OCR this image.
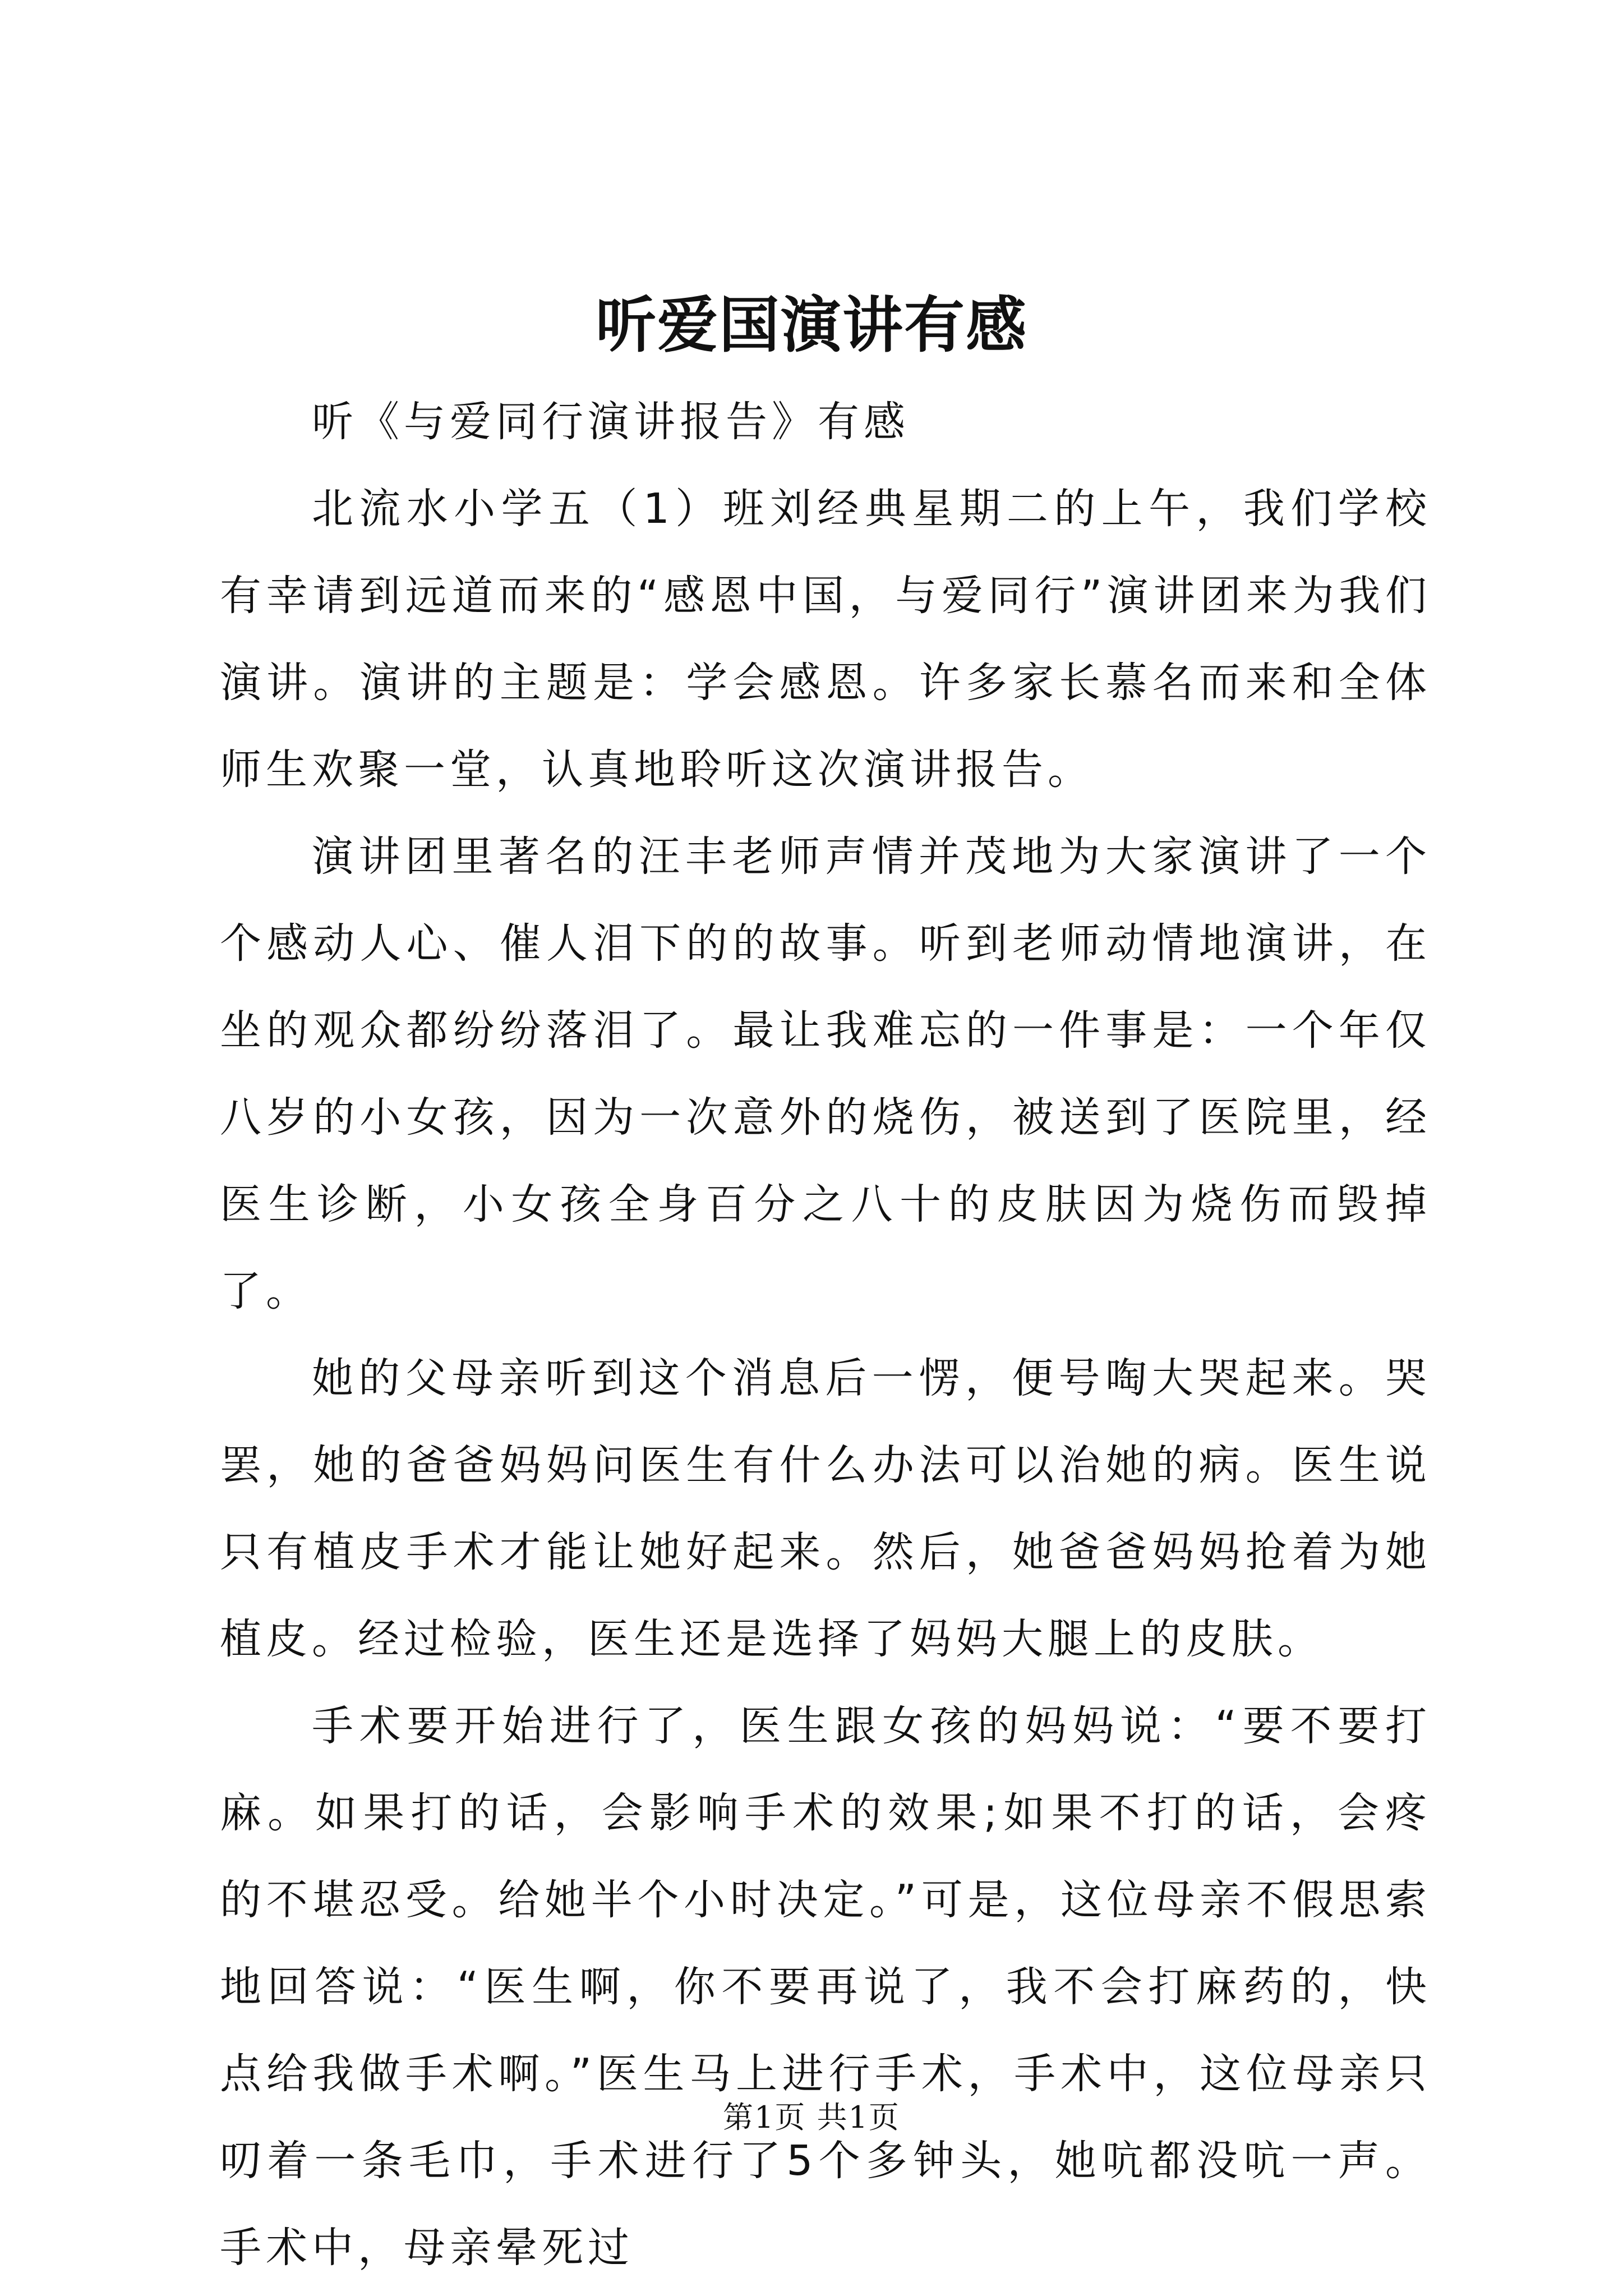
听爱国演讲有感

听《与爱同行演讲报告》有感

北流水小学五（1）班刘经典星期二的上午，我们学校有幸请到远道而来的“感恩中国，与爱同行”演讲团来为我们演讲。演讲的主题是：学会感恩。许多家长慕名而来和全体师生欢聚一堂，认真地聆听这次演讲报告。

演讲团里著名的汪丰老师声情并茂地为大家演讲了一个个感动人心、催人泪下的的故事。听到老师动情地演讲，在坐的观众都纷纷落泪了。最让我难忘的一件事是：一个年仅八岁的小女孩，因为一次意外的烧伤，被送到了医院里，经医生诊断，小女孩全身百分之八十的皮肤因为烧伤而毁掉了。

她的父母亲听到这个消息后一愣，便号啕大哭起来。哭罢，她的爸爸妈妈问医生有什么办法可以治她的病。医生说只有植皮手术才能让她好起来。然后，她爸爸妈妈抢着为她植皮。经过检验，医生还是选择了妈妈大腿上的皮肤。

手术要开始进行了，医生跟女孩的妈妈说：“要不要打麻。如果打的话，会影响手术的效果;如果不打的话，会疼的不堪忍受。给她半个小时决定。”可是，这位母亲不假思索地回答说：“医生啊，你不要再说了，我不会打麻药的，快点给我做手术啊。”医生马上进行手术，手术中，这位母亲只叨着一条毛巾，手术进行了5个多钟头，她吭都没吭一声。手术中，母亲晕死过

第1页 共1页
